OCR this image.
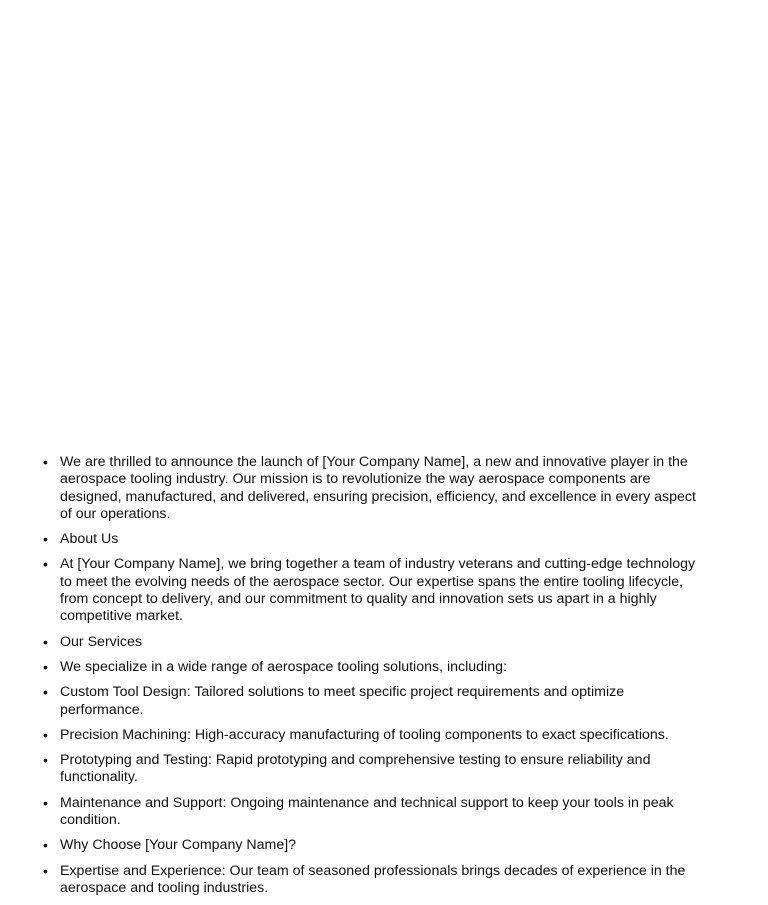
• We are thrilled to announce the launch of [Your Company Name], a new and innovative player in the aerospace tooling industry. Our mission is to revolutionize the way aerospace components are designed, manufactured, and delivered, ensuring precision, efficiency, and excellence in every aspect of our operations.
• About Us
• At [Your Company Name], we bring together a team of industry veterans and cutting-edge technology to meet the evolving needs of the aerospace sector. Our expertise spans the entire tooling lifecycle, from concept to delivery, and our commitment to quality and innovation sets us apart in a highly competitive market.
• Our Services
• We specialize in a wide range of aerospace tooling solutions, including:
• Custom Tool Design: Tailored solutions to meet specific project requirements and optimize performance.
• Precision Machining: High-accuracy manufacturing of tooling components to exact specifications.
• Prototyping and Testing: Rapid prototyping and comprehensive testing to ensure reliability and functionality.
• Maintenance and Support: Ongoing maintenance and technical support to keep your tools in peak condition.
• Why Choose [Your Company Name]?
• Expertise and Experience: Our team of seasoned professionals brings decades of experience in the aerospace and tooling industries.
